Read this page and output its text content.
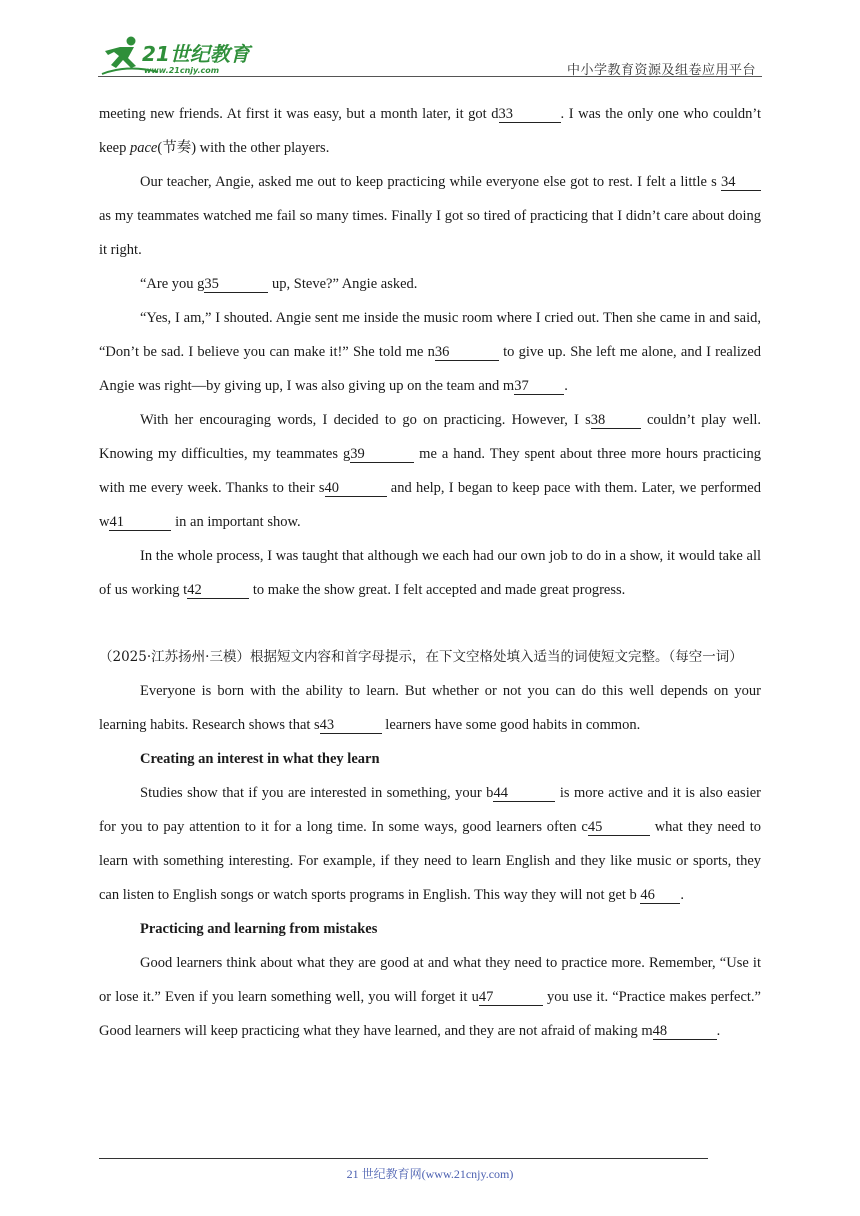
21世纪教育
www.21cnjy.com	中小学教育资源及组卷应用平台

meeting new friends. At first it was easy, but a month later, it got d33	. I was the only one who couldn’t keep pace(节奏) with the other players.

Our teacher, Angie, asked me out to keep practicing while everyone else got to rest. I felt a little s 34 as my teammates watched me fail so many times. Finally I got so tired of practicing that I didn’t care about doing it right.

“Are you g35	up, Steve?” Angie asked.

“Yes, I am,” I shouted. Angie sent me inside the music room where I cried out. Then she came in and said, “Don’t be sad. I believe you can make it!” She told me n36	to give up. She left me alone, and I realized Angie was right—by giving up, I was also giving up on the team and m37 .

With her encouraging words, I decided to go on practicing. However, I s38 couldn’t play well. Knowing my difficulties, my teammates g39	me a hand. They spent about three more hours practicing with me every week. Thanks to their s40	and help, I began to keep pace with them. Later, we performed w41	in an important show.

In the whole process, I was taught that although we each had our own job to do in a show, it would take all of us working t42	to make the show great. I felt accepted and made great progress.

（2025·江苏扬州·三模）根据短文内容和首字母提示，在下文空格处填入适当的词使短文完整。（每空一词）

Everyone is born with the ability to learn. But whether or not you can do this well depends on your learning habits. Research shows that s43	learners have some good habits in common.

Creating an interest in what they learn

Studies show that if you are interested in something, your b44	is more active and it is also easier for you to pay attention to it for a long time. In some ways, good learners often c45	what they need to learn with something interesting. For example, if they need to learn English and they like music or sports, they can listen to English songs or watch sports programs in English. This way they will not get b 46 .

Practicing and learning from mistakes

Good learners think about what they are good at and what they need to practice more. Remember, “Use it or lose it.” Even if you learn something well, you will forget it u47	you use it. “Practice makes perfect.” Good learners will keep practicing what they have learned, and they are not afraid of making m48	.

21 世纪教育网(www.21cnjy.com)
